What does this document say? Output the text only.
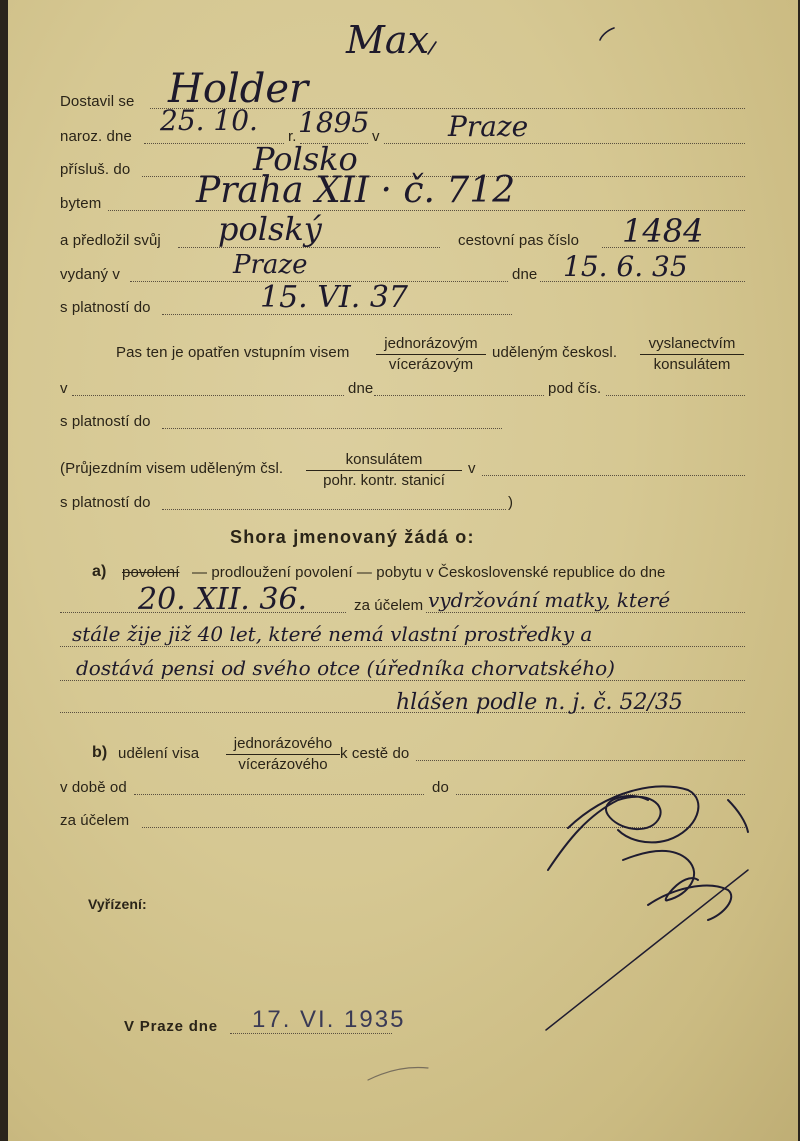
Max
Dostavil se Holder
naroz. dne 25. 10. r. 1895 v Praze
přísluš. do	Polsko
bytem	Praha XII · č. 712
a předložil svůj polský	cestovní pas číslo 1484
vydaný v	Praze	dne 15. 6. 35
s platností do	15. VI. 37
Pas ten je opatřen vstupním visem
jednorázovým
vícerázovým
uděleným českosl.
vyslanectvím
konsulátem
v	dne	pod čís.
s platností do
(Průjezdním visem uděleným čsl.
konsulátem
pohr. kontr. stanicí
v
s platností do	)
Shora jmenovaný žádá o:
a) povolení — prodloužení povolení — pobytu v Československé republice do dne
20. XII. 36.	za účelem vydržování matky, které
stále žije již 40 let, které nemá vlastní prostředky a
dostává pensi od svého otce (úředníka chorvatského)
hlášen podle n. j. č. 52/35
b) udělení visa
jednorázového
vícerázového
k cestě do
v době od	do
za účelem
Vyřízení:
V Praze dne 17. VI. 1935
